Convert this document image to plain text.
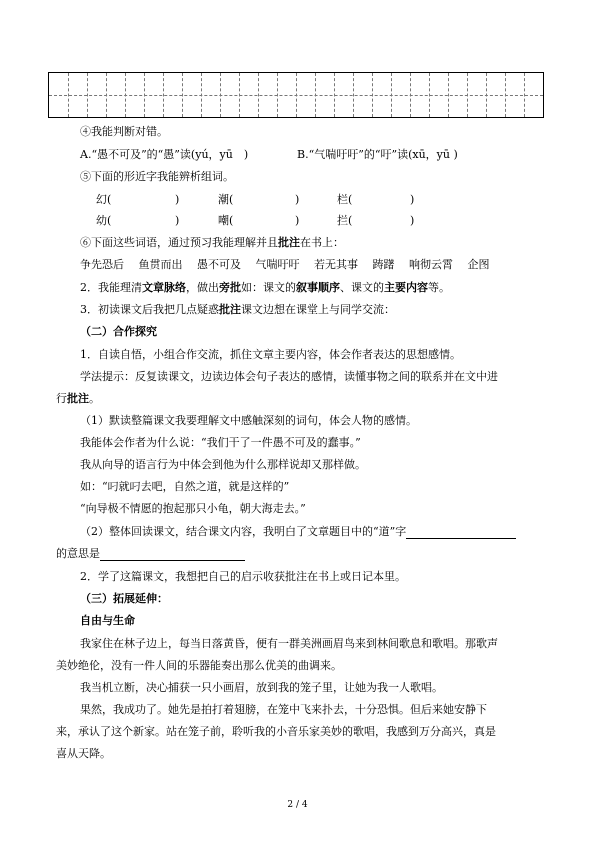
④我能判断对错。
A.“愚不可及”的“愚”读(yú，yū　)	B.“气喘吁吁”的“吁”读(xū，yū )
⑤下面的形近字我能辨析组词。
幻(	)	潮(	)	栏(	)
幼(	)	嘲(	)	拦(	)
⑥下面这些词语，通过预习我能理解并且批注在书上：
争先恐后 鱼贯而出 愚不可及 气喘吁吁 若无其事 踌躇 响彻云霄 企图
2．我能理清文章脉络，做出旁批如：课文的叙事顺序、课文的主要内容等。
3．初读课文后我把几点疑惑批注课文边想在课堂上与同学交流：
（二）合作探究
1．自读自悟，小组合作交流，抓住文章主要内容，体会作者表达的思想感情。
学法提示：反复读课文，边读边体会句子表达的感情，读懂事物之间的联系并在文中进
行批注。
（1）默读整篇课文我要理解文中感触深刻的词句，体会人物的感情。
我能体会作者为什么说：“我们干了一件愚不可及的蠢事。”
我从向导的语言行为中体会到他为什么那样说却又那样做。
如：“叼就叼去吧，自然之道，就是这样的”
“向导极不情愿的抱起那只小龟，朝大海走去。”
（2）整体回读课文，结合课文内容，我明白了文章题目中的“道”字
的意思是
2．学了这篇课文，我想把自己的启示收获批注在书上或日记本里。
（三）拓展延伸：
自由与生命
我家住在林子边上，每当日落黄昏，便有一群美洲画眉鸟来到林间歌息和歌唱。那歌声
美妙绝伦，没有一件人间的乐器能奏出那么优美的曲调来。
我当机立断，决心捕获一只小画眉，放到我的笼子里，让她为我一人歌唱。
果然，我成功了。她先是拍打着翅膀，在笼中飞来扑去，十分恐惧。但后来她安静下
来，承认了这个新家。站在笼子前，聆听我的小音乐家美妙的歌唱，我感到万分高兴，真是
喜从天降。
2 / 4
